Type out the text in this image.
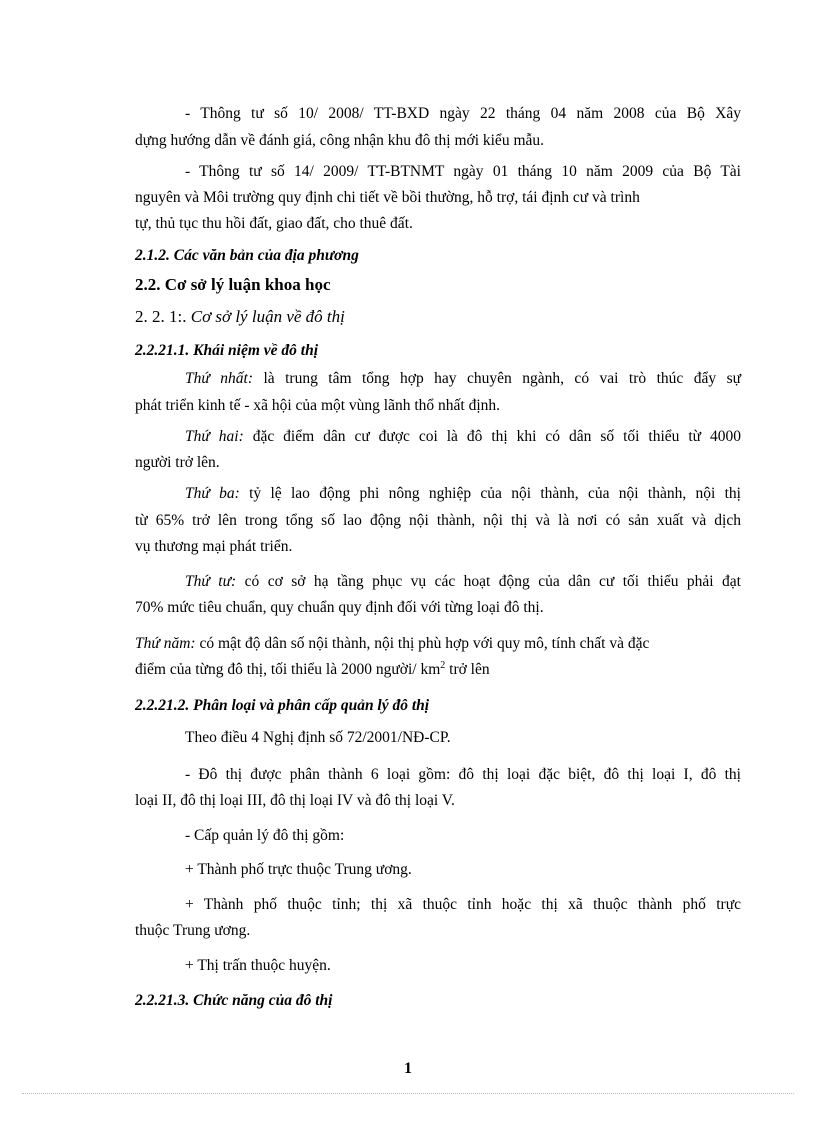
- Thông tư số 10/ 2008/ TT-BXD ngày 22 tháng 04 năm 2008 của Bộ Xây
dựng hướng dẫn về đánh giá, công nhận khu đô thị mới kiểu mẫu.
- Thông tư số 14/ 2009/ TT-BTNMT ngày 01 tháng 10 năm 2009 của Bộ Tài
nguyên và Môi trường quy định chi tiết về bồi thường, hỗ trợ, tái định cư và trình
tự, thủ tục thu hồi đất, giao đất, cho thuê đất.
2.1.2. Các văn bản của địa phương
2.2. Cơ sở lý luận khoa học
2. 2. 1:. Cơ sở lý luận về đô thị
2.2.21.1. Khái niệm về đô thị
Thứ nhất: là trung tâm tổng hợp hay chuyên ngành, có vai trò thúc đẩy sự
phát triển kinh tế - xã hội của một vùng lãnh thổ nhất định.
Thứ hai: đặc điểm dân cư được coi là đô thị khi có dân số tối thiểu từ 4000
người trở lên.
Thứ ba: tỷ lệ lao động phi nông nghiệp của nội thành, của nội thành, nội thị
từ 65% trở lên trong tổng số lao động nội thành, nội thị và là nơi có sản xuất và dịch
vụ thương mại phát triển.
Thứ tư: có cơ sở hạ tầng phục vụ các hoạt động của dân cư tối thiểu phải đạt
70% mức tiêu chuẩn, quy chuẩn quy định đối với từng loại đô thị.
Thứ năm: có mật độ dân số nội thành, nội thị phù hợp với quy mô, tính chất và đặc
điểm của từng đô thị, tối thiểu là 2000 người/ $km^2$ trở lên
2.2.21.2. Phân loại và phân cấp quản lý đô thị
Theo điều 4 Nghị định số 72/2001/NĐ-CP.
- Đô thị được phân thành 6 loại gồm: đô thị loại đặc biệt, đô thị loại I, đô thị
loại II, đô thị loại III, đô thị loại IV và đô thị loại V.
- Cấp quản lý đô thị gồm:
+ Thành phố trực thuộc Trung ương.
+ Thành phố thuộc tỉnh; thị xã thuộc tỉnh hoặc thị xã thuộc thành phố trực
thuộc Trung ương.
+ Thị trấn thuộc huyện.
2.2.21.3. Chức năng của đô thị
1
